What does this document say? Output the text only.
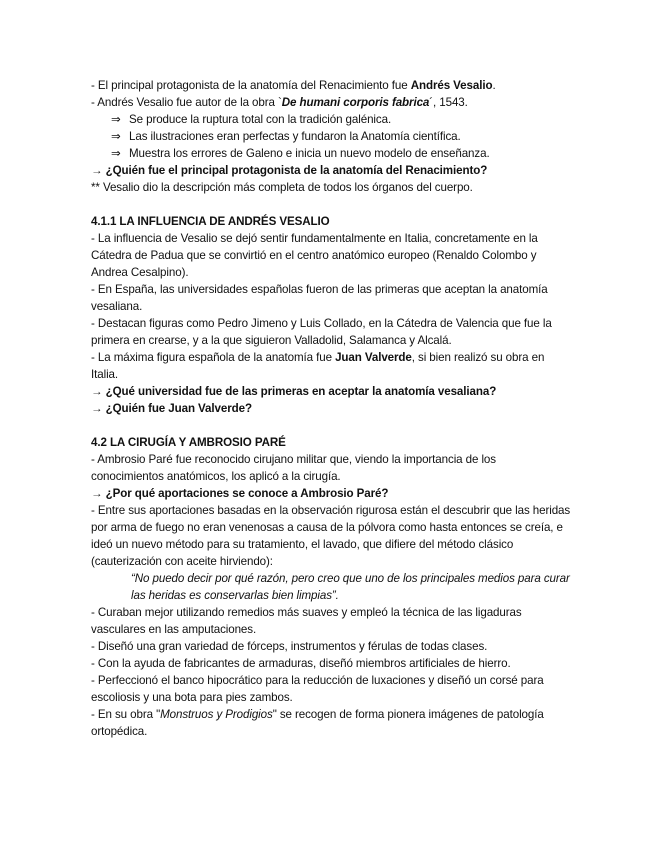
- El principal protagonista de la anatomía del Renacimiento fue Andrés Vesalio.
- Andrés Vesalio fue autor de la obra `De humani corporis fabrica´, 1543.
⇒ Se produce la ruptura total con la tradición galénica.
⇒ Las ilustraciones eran perfectas y fundaron la Anatomía científica.
⇒ Muestra los errores de Galeno e inicia un nuevo modelo de enseñanza.
→ ¿Quién fue el principal protagonista de la anatomía del Renacimiento?
** Vesalio dio la descripción más completa de todos los órganos del cuerpo.
4.1.1 LA INFLUENCIA DE ANDRÉS VESALIO
- La influencia de Vesalio se dejó sentir fundamentalmente en Italia, concretamente en la Cátedra de Padua que se convirtió en el centro anatómico europeo (Renaldo Colombo y Andrea Cesalpino).
- En España, las universidades españolas fueron de las primeras que aceptan la anatomía vesaliana.
- Destacan figuras como Pedro Jimeno y Luis Collado, en la Cátedra de Valencia que fue la primera en crearse, y a la que siguieron Valladolid, Salamanca y Alcalá.
- La máxima figura española de la anatomía fue Juan Valverde, si bien realizó su obra en Italia.
→ ¿Qué universidad fue de las primeras en aceptar la anatomía vesaliana?
→ ¿Quién fue Juan Valverde?
4.2 LA CIRUGÍA Y AMBROSIO PARÉ
- Ambrosio Paré fue reconocido cirujano militar que, viendo la importancia de los conocimientos anatómicos, los aplicó a la cirugía.
→ ¿Por qué aportaciones se conoce a Ambrosio Paré?
- Entre sus aportaciones basadas en la observación rigurosa están el descubrir que las heridas por arma de fuego no eran venenosas a causa de la pólvora como hasta entonces se creía, e ideó un nuevo método para su tratamiento, el lavado, que difiere del método clásico (cauterización con aceite hirviendo):
“No puedo decir por qué razón, pero creo que uno de los principales medios para curar las heridas es conservarlas bien limpias”.
- Curaban mejor utilizando remedios más suaves y empleó la técnica de las ligaduras vasculares en las amputaciones.
- Diseñó una gran variedad de fórceps, instrumentos y férulas de todas clases.
- Con la ayuda de fabricantes de armaduras, diseñó miembros artificiales de hierro.
- Perfeccionó el banco hipocrático para la reducción de luxaciones y diseñó un corsé para escoliosis y una bota para pies zambos.
- En su obra "Monstruos y Prodigios" se recogen de forma pionera imágenes de patología ortopédica.
